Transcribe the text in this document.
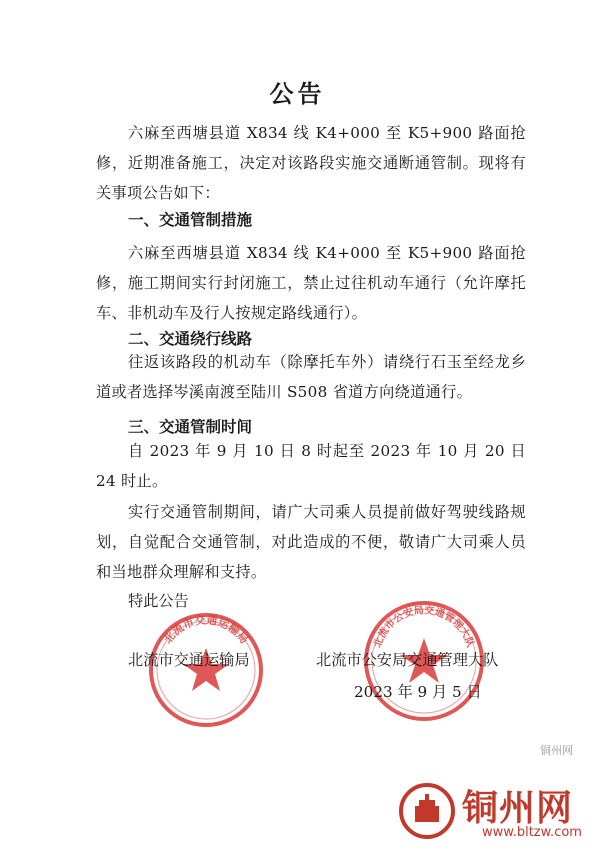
公告
六麻至西塘县道 X834 线 K4+000 至 K5+900 路面抢修，近期准备施工，决定对该路段实施交通断通管制。现将有关事项公告如下：
一、交通管制措施
六麻至西塘县道 X834 线 K4+000 至 K5+900 路面抢修，施工期间实行封闭施工，禁止过往机动车通行（允许摩托车、非机动车及行人按规定路线通行）。
二、交通绕行线路
往返该路段的机动车（除摩托车外）请绕行石玉至经龙乡道或者选择岑溪南渡至陆川 S508 省道方向绕道通行。
三、交通管制时间
自 2023 年 9 月 10 日 8 时起至 2023 年 10 月 20 日 24 时止。
实行交通管制期间，请广大司乘人员提前做好驾驶线路规划，自觉配合交通管制，对此造成的不便，敬请广大司乘人员和当地群众理解和支持。
特此公告
北流市交通运输局	北流市公安局交通管理大队
北流市交通运输局	北流市公安局交通管理大队
2023 年 9 月 5 日
铜州网
www.bltzw.com
铜州网
